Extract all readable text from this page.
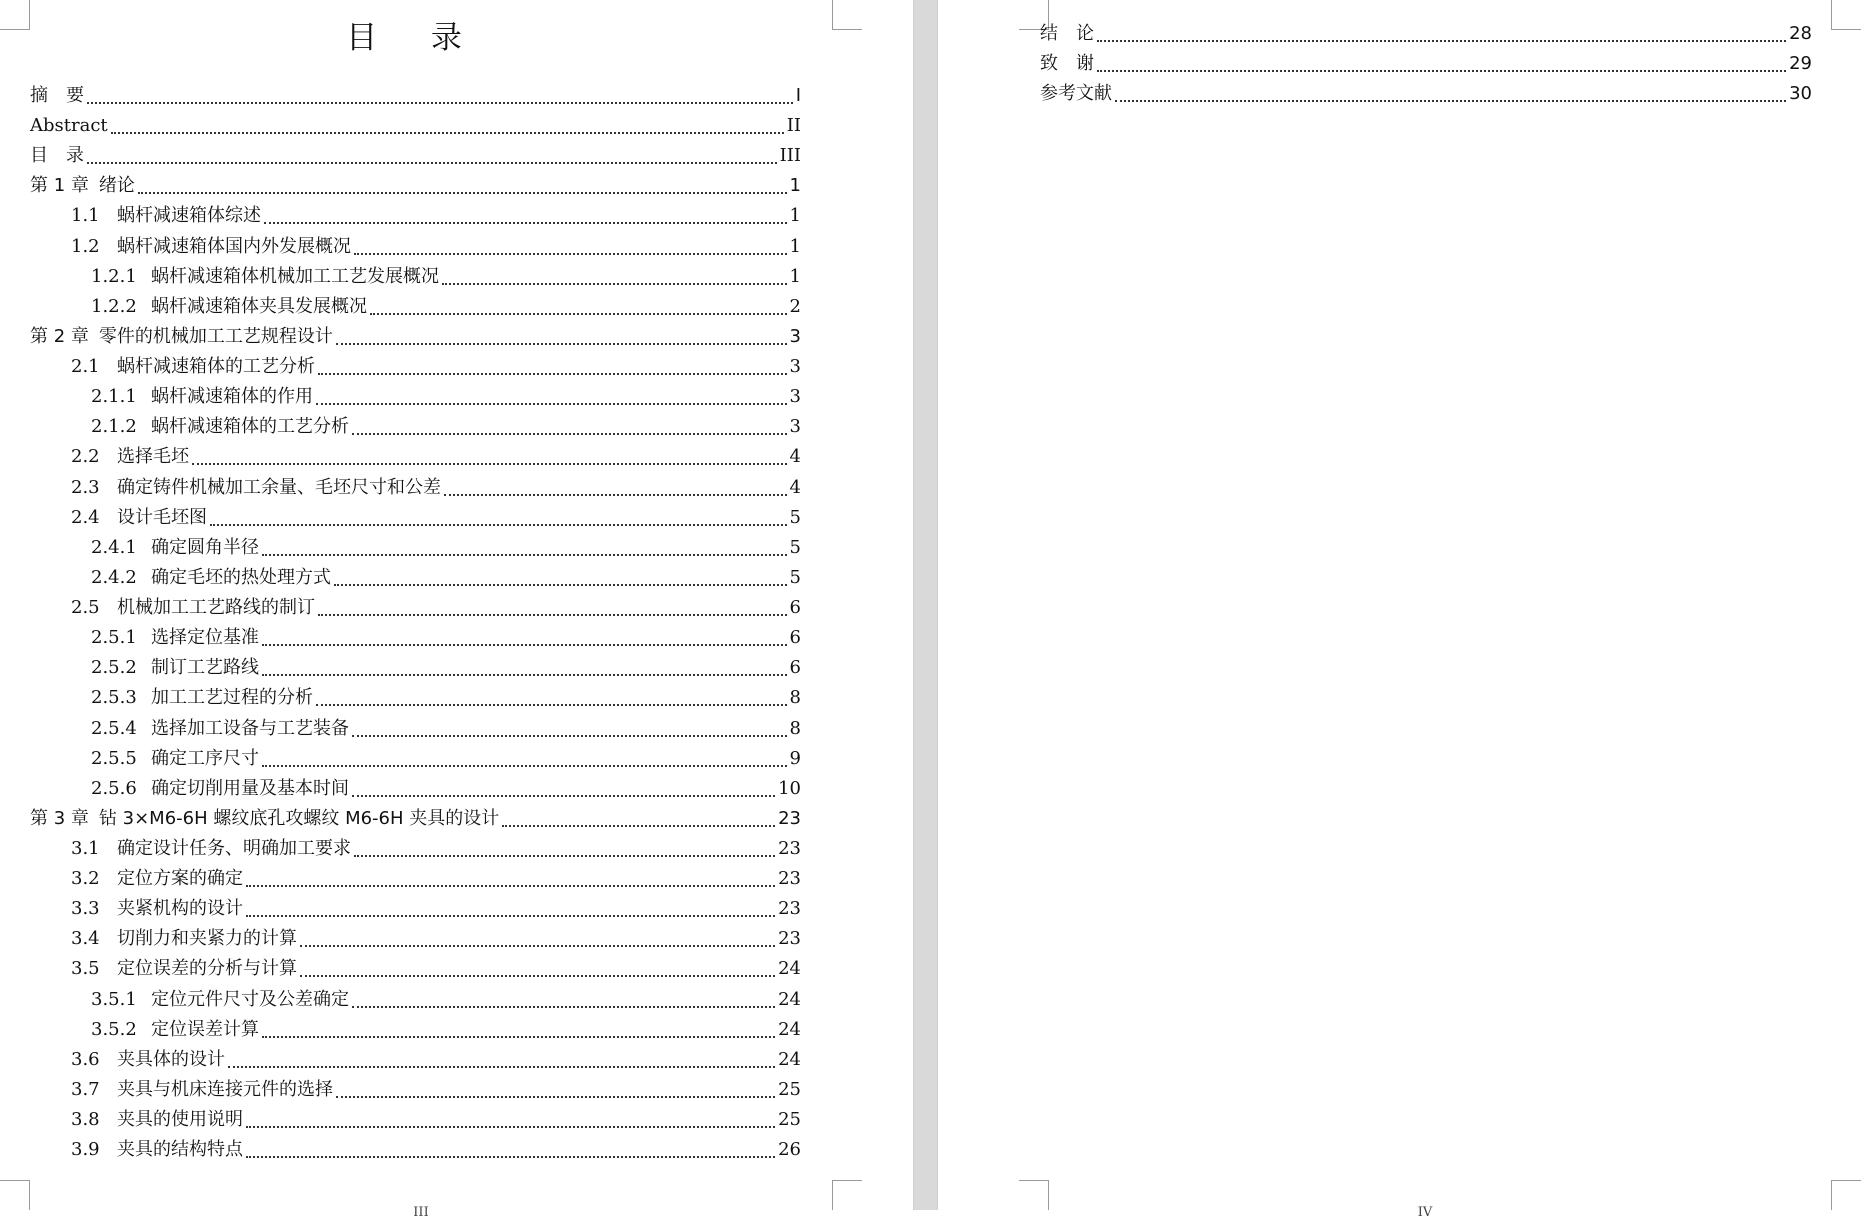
目 录
摘　要	I
Abstract	II
目　录	III
第 1 章 绪论	1
1.1 蜗杆减速箱体综述	1
1.2 蜗杆减速箱体国内外发展概况	1
1.2.1 蜗杆减速箱体机械加工工艺发展概况	1
1.2.2 蜗杆减速箱体夹具发展概况	2
第 2 章 零件的机械加工工艺规程设计	3
2.1 蜗杆减速箱体的工艺分析	3
2.1.1 蜗杆减速箱体的作用	3
2.1.2 蜗杆减速箱体的工艺分析	3
2.2 选择毛坯	4
2.3 确定铸件机械加工余量、毛坯尺寸和公差	4
2.4 设计毛坯图	5
2.4.1 确定圆角半径	5
2.4.2 确定毛坯的热处理方式	5
2.5 机械加工工艺路线的制订	6
2.5.1 选择定位基准	6
2.5.2 制订工艺路线	6
2.5.3 加工工艺过程的分析	8
2.5.4 选择加工设备与工艺装备	8
2.5.5 确定工序尺寸	9
2.5.6 确定切削用量及基本时间	10
第 3 章 钻 3×M6-6H 螺纹底孔攻螺纹 M6-6H 夹具的设计	23
3.1 确定设计任务、明确加工要求	23
3.2 定位方案的确定	23
3.3 夹紧机构的设计	23
3.4 切削力和夹紧力的计算	23
3.5 定位误差的分析与计算	24
3.5.1 定位元件尺寸及公差确定	24
3.5.2 定位误差计算	24
3.6 夹具体的设计	24
3.7 夹具与机床连接元件的选择	25
3.8 夹具的使用说明	25
3.9 夹具的结构特点	26
III
结　论	28
致　谢	29
参考文献	30
IV
